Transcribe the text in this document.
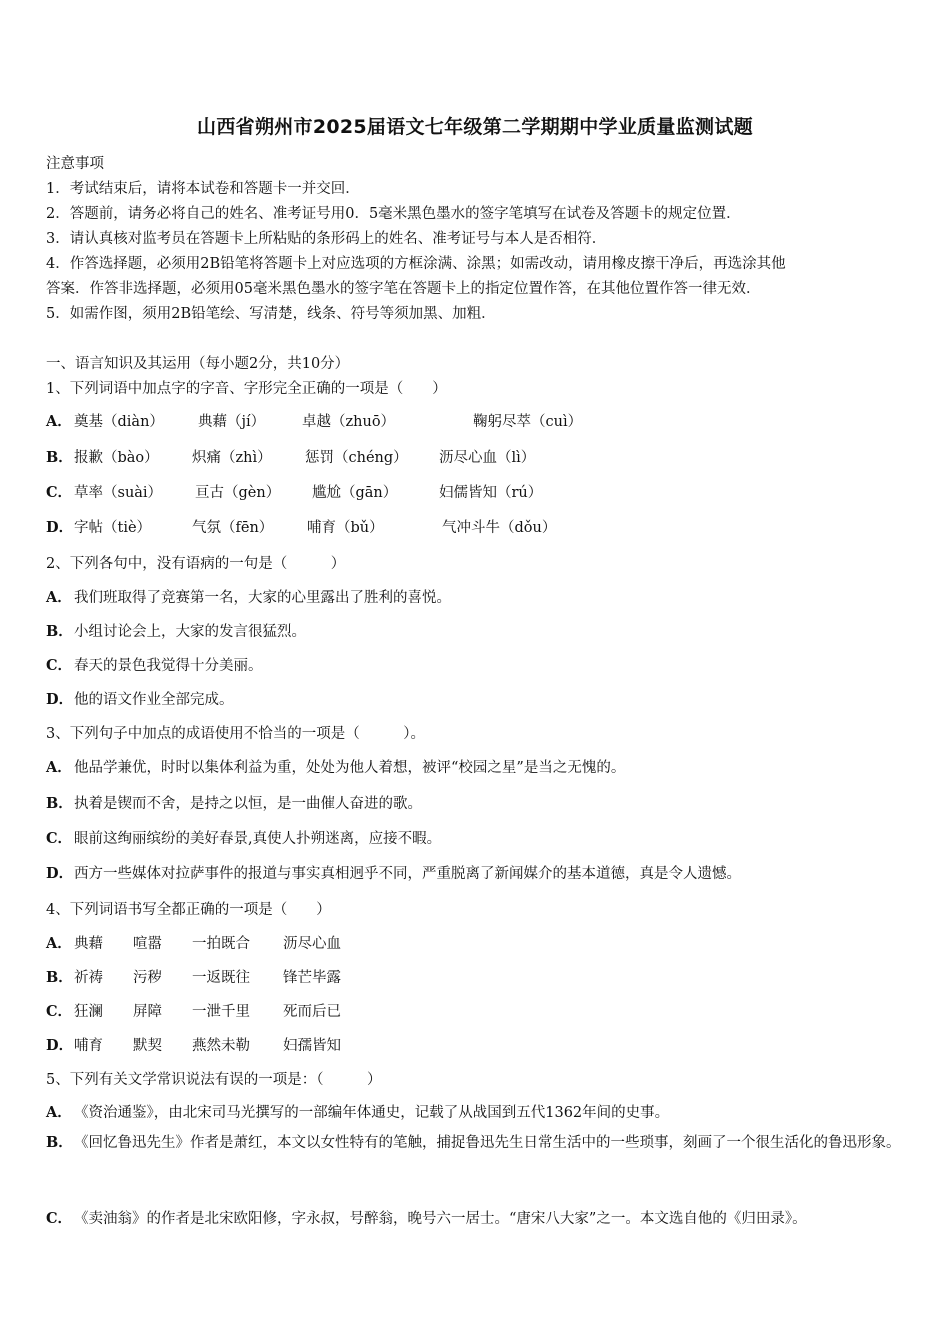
山西省朔州市2025届语文七年级第二学期期中学业质量监测试题
注意事项
1．考试结束后，请将本试卷和答题卡一并交回．
2．答题前，请务必将自己的姓名、准考证号用0．5毫米黑色墨水的签字笔填写在试卷及答题卡的规定位置．
3．请认真核对监考员在答题卡上所粘贴的条形码上的姓名、准考证号与本人是否相符．
4．作答选择题，必须用2B铅笔将答题卡上对应选项的方框涂满、涂黑；如需改动，请用橡皮擦干净后，再选涂其他
答案．作答非选择题，必须用05毫米黑色墨水的签字笔在答题卡上的指定位置作答，在其他位置作答一律无效．
5．如需作图，须用2B铅笔绘、写清楚，线条、符号等须加黑、加粗．
一、语言知识及其运用（每小题2分，共10分）
1、下列词语中加点字的字音、字形完全正确的一项是（　　）
A． 奠基（diàn） 典藉（jí）	卓越（zhuō）	鞠躬尽萃（cuì）
B． 报歉（bào） 炽痛（zhì） 惩罚（chéng） 沥尽心血（lì）
C． 草率（suài） 亘古（gèn） 尴尬（gān）	妇儒皆知（rú）
D． 字帖（tiè）	气氛（fēn） 哺育（bǔ）	气冲斗牛（dǒu）
2、下列各句中，没有语病的一句是（　　　）
A． 我们班取得了竞赛第一名，大家的心里露出了胜利的喜悦。
B．小组讨论会上，大家的发言很猛烈。
C． 春天的景色我觉得十分美丽。
D．他的语文作业全部完成。
3、下列句子中加点的成语使用不恰当的一项是（　　　）。
A． 他品学兼优，时时以集体利益为重，处处为他人着想，被评“校园之星”是当之无愧的。
B．执着是锲而不舍，是持之以恒，是一曲催人奋进的歌。
C． 眼前这绚丽缤纷的美好春景,真使人扑朔迷离，应接不暇。
D．西方一些媒体对拉萨事件的报道与事实真相迥乎不同，严重脱离了新闻媒介的基本道德，真是令人遗憾。
4、下列词语书写全都正确的一项是（　　）
A． 典藉 喧嚣 一拍既合 沥尽心血
B． 祈祷 污秽 一返既往 锋芒毕露
C． 狂澜 屏障 一泄千里 死而后已
D． 哺育 默契 燕然未勒 妇孺皆知
5、下列有关文学常识说法有误的一项是：（　　　）
A． 《资治通鉴》，由北宋司马光撰写的一部编年体通史，记载了从战国到五代1362年间的史事。
B．《回忆鲁迅先生》作者是萧红，本文以女性特有的笔触，捕捉鲁迅先生日常生活中的一些琐事，刻画了一个很生活化的鲁迅形象。
C． 《卖油翁》的作者是北宋欧阳修，字永叔，号醉翁，晚号六一居士。“唐宋八大家”之一。本文选自他的《归田录》。
